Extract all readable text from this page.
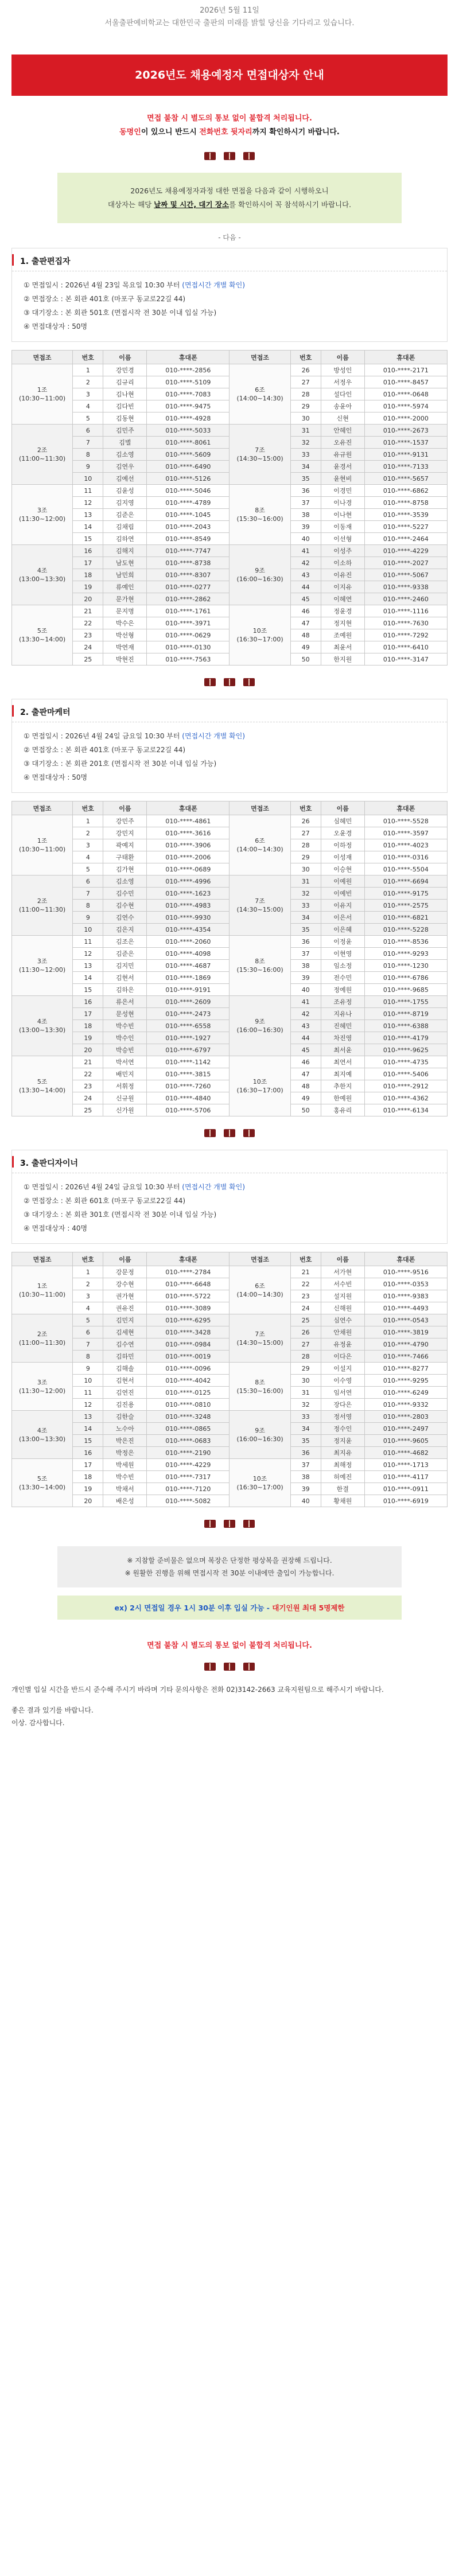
2026년 5월 11일
서울출판예비학교는 대한민국 출판의 미래를 밝힐 당신을 기다리고 있습니다.
2026년도 채용예정자 면접대상자 안내
면접 불참 시 별도의 통보 없이 불합격 처리됩니다.
동명인이 있으니 반드시 전화번호 뒷자리까지 확인하시기 바랍니다.
2026년도 채용예정자과정 대한 면접을 다음과 같이 시행하오니
대상자는 해당 날짜 및 시간, 대기 장소를 확인하시어 꼭 참석하시기 바랍니다.
- 다음 -
1. 출판편집자
① 면접일시 : 2026년 4월 23일 목요일 10:30 부터 (면접시간 개별 확인)
② 면접장소 : 본 회관 401호 (마포구 동교로22길 44)
③ 대기장소 : 본 회관 501호 (면접시작 전 30분 이내 입실 가능)
④ 면접대상자 : 50명
면접조	번호	이름	휴대폰	면접조	번호	이름	휴대폰
1조
(10:30~11:00)	1	강민경	010-****-2856	6조
(14:00~14:30)	26	방성인	010-****-2171
	2	김규리	010-****-5109		27	서정우	010-****-8457
	3	김나현	010-****-7083		28	설다인	010-****-0648
	4	김다빈	010-****-9475		29	송윤아	010-****-5974
	5	김동현	010-****-4928		30	신현	010-****-2000
2조
(11:00~11:30)	6	김민주	010-****-5033	7조
(14:30~15:00)	31	안혜인	010-****-2673
	7	김별	010-****-8061		32	오유진	010-****-1537
	8	김소영	010-****-5609		33	유규원	010-****-9131
	9	김연우	010-****-6490		34	윤경서	010-****-7133
	10	김예선	010-****-5126		35	윤현비	010-****-5657
3조
(11:30~12:00)	11	김윤성	010-****-5046	8조
(15:30~16:00)	36	이경민	010-****-6862
	12	김지영	010-****-4789		37	이나경	010-****-8758
	13	김준은	010-****-1045		38	이나현	010-****-3539
	14	김채림	010-****-2043		39	이동재	010-****-5227
	15	김하연	010-****-8549		40	이선형	010-****-2464
4조
(13:00~13:30)	16	김해지	010-****-7747	9조
(16:00~16:30)	41	이성주	010-****-4229
	17	남도현	010-****-8738		42	이소하	010-****-2027
	18	남민희	010-****-8307		43	이유진	010-****-5067
	19	류예인	010-****-0277		44	이지유	010-****-9338
	20	문가현	010-****-2862		45	이혜연	010-****-2460
5조
(13:30~14:00)	21	문지명	010-****-1761	10조
(16:30~17:00)	46	정윤경	010-****-1116
	22	박수은	010-****-3971		47	정지현	010-****-7630
	23	박선형	010-****-0629		48	조예원	010-****-7292
	24	박연재	010-****-0130		49	최윤서	010-****-6410
	25	박현진	010-****-7563		50	한지원	010-****-3147
2. 출판마케터
① 면접일시 : 2026년 4월 24일 금요일 10:30 부터 (면접시간 개별 확인)
② 면접장소 : 본 회관 401호 (마포구 동교로22길 44)
③ 대기장소 : 본 회관 201호 (면접시작 전 30분 이내 입실 가능)
④ 면접대상자 : 50명
면접조	번호	이름	휴대폰	면접조	번호	이름	휴대폰
1조
(10:30~11:00)	1	강민주	010-****-4861	6조
(14:00~14:30)	26	심혜민	010-****-5528
	2	강민지	010-****-3616		27	오윤경	010-****-3597
	3	곽예지	010-****-3906		28	이하정	010-****-4023
	4	구태환	010-****-2006		29	이성재	010-****-0316
	5	김가현	010-****-0689		30	이승현	010-****-5504
2조
(11:00~11:30)	6	김소영	010-****-4996	7조
(14:30~15:00)	31	이예원	010-****-6694
	7	김수민	010-****-1623		32	이예빈	010-****-9175
	8	김수현	010-****-4983		33	이유지	010-****-2575
	9	김연수	010-****-9930		34	이은서	010-****-6821
	10	김은지	010-****-4354		35	이은혜	010-****-5228
3조
(11:30~12:00)	11	김조은	010-****-2060	8조
(15:30~16:00)	36	이정윤	010-****-8536
	12	김준은	010-****-4098		37	이현영	010-****-9293
	13	김지민	010-****-4687		38	임소정	010-****-1230
	14	김현서	010-****-1869		39	전수민	010-****-6786
	15	김하은	010-****-9191		40	정예원	010-****-9685
4조
(13:00~13:30)	16	류은서	010-****-2609	9조
(16:00~16:30)	41	조유정	010-****-1755
	17	문성현	010-****-2473		42	지유나	010-****-8719
	18	박수빈	010-****-6558		43	진혜민	010-****-6388
	19	박수인	010-****-1927		44	차진영	010-****-4179
	20	박승빈	010-****-6797		45	최서윤	010-****-9625
5조
(13:30~14:00)	21	박서연	010-****-1142	10조
(16:30~17:00)	46	최연서	010-****-4735
	22	배민지	010-****-3815		47	최지예	010-****-5406
	23	서휘정	010-****-7260		48	추한지	010-****-2912
	24	신규원	010-****-4840		49	한예원	010-****-4362
	25	신가원	010-****-5706		50	홍유리	010-****-6134
3. 출판디자이너
① 면접일시 : 2026년 4월 24일 금요일 10:30 부터 (면접시간 개별 확인)
② 면접장소 : 본 회관 601호 (마포구 동교로22길 44)
③ 대기장소 : 본 회관 301호 (면접시작 전 30분 이내 입실 가능)
④ 면접대상자 : 40명
면접조	번호	이름	휴대폰	면접조	번호	이름	휴대폰
1조
(10:30~11:00)	1	강문정	010-****-2784	6조
(14:00~14:30)	21	서가현	010-****-9516
	2	강수현	010-****-6648		22	서수빈	010-****-0353
	3	권가현	010-****-5722		23	설지원	010-****-9383
	4	권유진	010-****-3089		24	신해원	010-****-4493
2조
(11:00~11:30)	5	김민지	010-****-6295	7조
(14:30~15:00)	25	심연수	010-****-0543
	6	김세현	010-****-3428		26	안채원	010-****-3819
	7	김수연	010-****-0984		27	유정윤	010-****-4790
	8	김하민	010-****-0019		28	이다은	010-****-7466
3조
(11:30~12:00)	9	김해솔	010-****-0096	8조
(15:30~16:00)	29	이설지	010-****-8277
	10	김현서	010-****-4042		30	이수영	010-****-9295
	11	김연진	010-****-0125		31	임서연	010-****-6249
	12	김진용	010-****-0810		32	장다은	010-****-9332
4조
(13:00~13:30)	13	김한슬	010-****-3248	9조
(16:00~16:30)	33	정서영	010-****-2803
	14	노수아	010-****-0865		34	정수인	010-****-2497
	15	박은진	010-****-0683		35	정지윤	010-****-9605
	16	박정은	010-****-2190		36	최지유	010-****-4682
5조
(13:30~14:00)	17	박세원	010-****-4229	10조
(16:30~17:00)	37	최해정	010-****-1713
	18	박수빈	010-****-7317		38	허예진	010-****-4117
	19	박채서	010-****-7120		39	한결	010-****-0911
	20	배은성	010-****-5082		40	황채원	010-****-6919
※ 지참할 준비물은 없으며 복장은 단정한 평상복을 권장해 드립니다.
※ 원활한 진행을 위해 면접시작 전 30분 이내에만 출입이 가능합니다.
ex) 2시 면접일 경우 1시 30분 이후 입실 가능 - 대기인원 최대 5명제한
면접 불참 시 별도의 통보 없이 불합격 처리됩니다.
개인별 입실 시간을 반드시 준수해 주시기 바라며 기타 문의사항은 전화 02)3142-2663 교육지원팀으로 해주시기 바랍니다.
좋은 결과 있기를 바랍니다.
이상. 감사합니다.
